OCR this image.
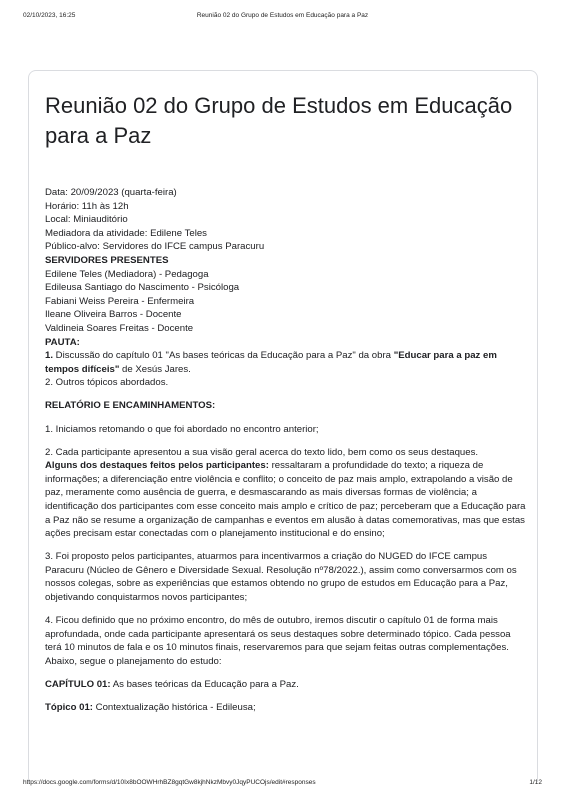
02/10/2023, 16:25	Reunião 02 do Grupo de Estudos em Educação para a Paz
Reunião 02 do Grupo de Estudos em Educação para a Paz

Data: 20/09/2023 (quarta-feira)

Horário: 11h às 12h

Local: Miniauditório

Mediadora da atividade: Edilene Teles

Público-alvo: Servidores do IFCE campus Paracuru

SERVIDORES PRESENTES

Edilene Teles (Mediadora) - Pedagoga

Edileusa Santiago do Nascimento - Psicóloga

Fabiani Weiss Pereira - Enfermeira

Ileane Oliveira Barros - Docente

Valdineia Soares Freitas - Docente

PAUTA:

1. Discussão do capítulo 01 "As bases teóricas da Educação para a Paz" da obra "Educar para a paz em tempos difíceis" de Xesús Jares.

2. Outros tópicos abordados.

RELATÓRIO E ENCAMINHAMENTOS:

1. Iniciamos retomando o que foi abordado no encontro anterior;

2. Cada participante apresentou a sua visão geral acerca do texto lido, bem como os seus destaques.
Alguns dos destaques feitos pelos participantes: ressaltaram a profundidade do texto; a riqueza de informações; a diferenciação entre violência e conflito; o conceito de paz mais amplo, extrapolando a visão de paz, meramente como ausência de guerra, e desmascarando as mais diversas formas de violência; a identificação dos participantes com esse conceito mais amplo e crítico de paz; perceberam que a Educação para a Paz não se resume a organização de campanhas e eventos em alusão à datas comemorativas, mas que estas ações precisam estar conectadas com o planejamento institucional e do ensino;

3. Foi proposto pelos participantes, atuarmos para incentivarmos a criação do NUGED do IFCE campus Paracuru (Núcleo de Gênero e Diversidade Sexual. Resolução nº78/2022.), assim como conversarmos com os nossos colegas, sobre as experiências que estamos obtendo no grupo de estudos em Educação para a Paz, objetivando conquistarmos novos participantes;

4. Ficou definido que no próximo encontro, do mês de outubro, iremos discutir o capítulo 01 de forma mais aprofundada, onde cada participante apresentará os seus destaques sobre determinado tópico. Cada pessoa terá 10 minutos de fala e os 10 minutos finais, reservaremos para que sejam feitas outras complementações. Abaixo, segue o planejamento do estudo:

CAPÍTULO 01: As bases teóricas da Educação para a Paz.

Tópico 01: Contextualização histórica - Edileusa;

https://docs.google.com/forms/d/10Ix8bOOWHrhBZ8gqtGw8kjhNkzMbvy0JqyPUCOjs/edit#responses	1/12
